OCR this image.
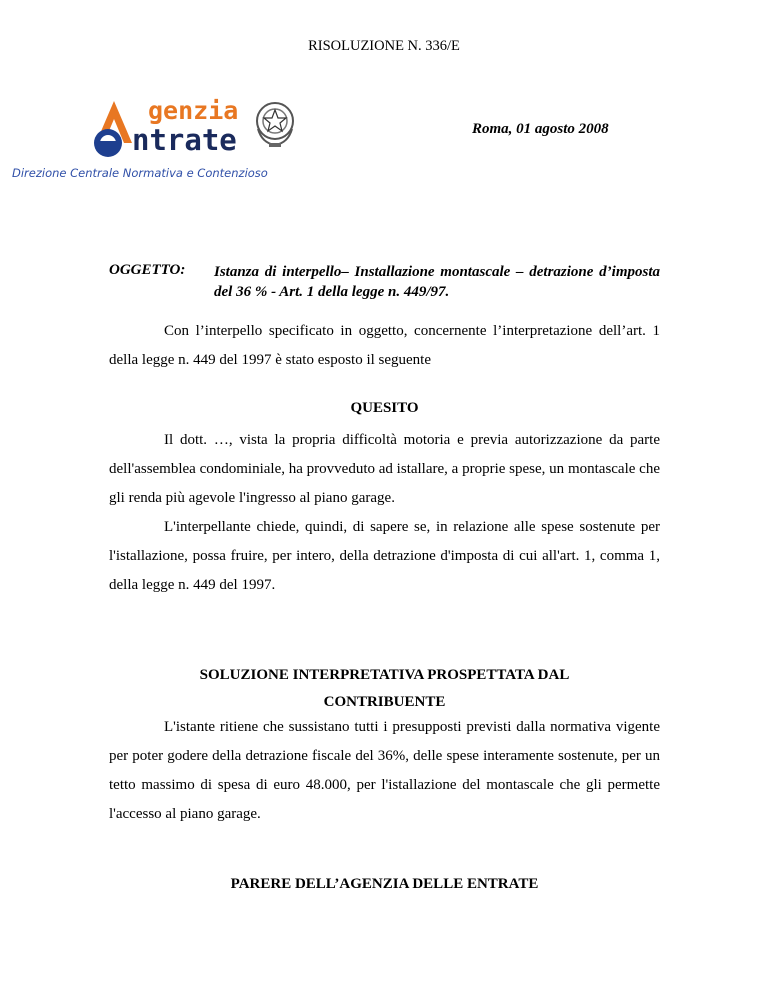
RISOLUZIONE N. 336/E
genzia
ntrate
Direzione Centrale Normativa e Contenzioso
Roma, 01 agosto 2008
OGGETTO: Istanza di interpello– Installazione montascale – detrazione d’imposta del 36 % - Art. 1 della legge n. 449/97.
Con l’interpello specificato in oggetto, concernente l’interpretazione dell’art. 1 della legge n. 449 del 1997 è stato esposto il seguente
QUESITO
Il dott. …, vista la propria difficoltà motoria e previa autorizzazione da parte dell'assemblea condominiale, ha provveduto ad istallare, a proprie spese, un montascale che gli renda più agevole l'ingresso al piano garage.
L'interpellante chiede, quindi, di sapere se, in relazione alle spese sostenute per l'istallazione, possa fruire, per intero, della detrazione d'imposta di cui all'art. 1, comma 1, della legge n. 449 del 1997.
SOLUZIONE INTERPRETATIVA PROSPETTATA DAL
CONTRIBUENTE
L'istante ritiene che sussistano tutti i presupposti previsti dalla normativa vigente per poter godere della detrazione fiscale del 36%, delle spese interamente sostenute, per un tetto massimo di spesa di euro 48.000, per l'istallazione del montascale che gli permette l'accesso al piano garage.
PARERE DELL’AGENZIA DELLE ENTRATE
